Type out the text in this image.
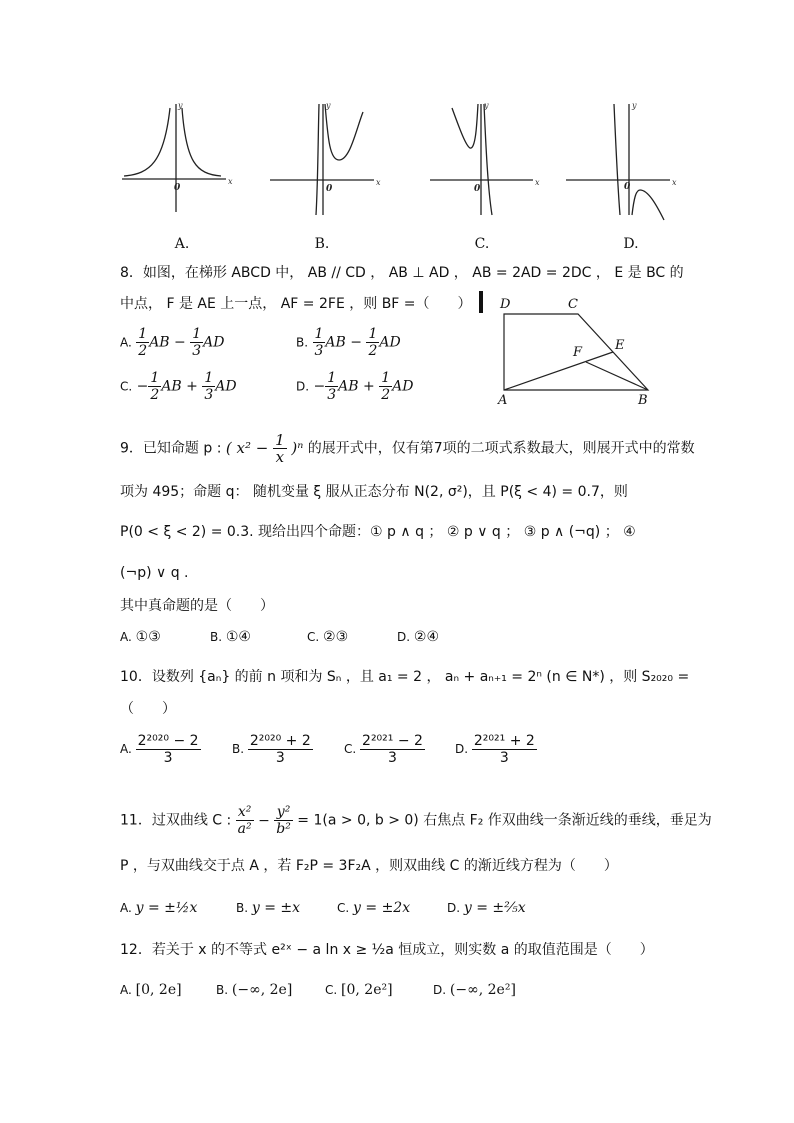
x
y
x
y
x
y
x
y
0	0	0	0
A.	B.	C.	D.
8．如图，在梯形 ABCD 中， AB // CD ， AB ⊥ AD ， AB = 2AD = 2DC ， E 是 BC 的
中点， F 是 AE 上一点， AF = 2FE ，则 BF =（　　）
A. $\frac{1}{2}$ AB − $\frac{1}{3}$ AD	B. $\frac{1}{3}$ AB − $\frac{1}{2}$ AD
C. − $\frac{1}{2}$ AB + $\frac{1}{3}$ AD	D. − $\frac{1}{3}$ AB + $\frac{1}{2}$ AD
D	C
E
F
A	B
9．已知命题 p : ( $x^2 - \frac{1}{x} )^n$ 的展开式中，仅有第7项的二项式系数最大，则展开式中的常数
项为 495；命题 q： 随机变量 ξ 服从正态分布 N(2, σ²)，且 P(ξ < 4) = 0.7，则
P(0 < ξ < 2) = 0.3. 现给出四个命题：① p ∧ q ； ② p ∨ q ； ③ p ∧ (¬q) ； ④
(¬p) ∨ q .
其中真命题的是（　　）
A. ①③	B. ①④	C. ②③	D. ②④
10．设数列 {aₙ} 的前 n 项和为 Sₙ ，且 a₁ = 2 ， aₙ + aₙ₊₁ = 2ⁿ (n ∈ N*) ，则 S₂₀₂₀ =
（　　）
A. $\frac{\text{2²⁰²⁰ − 2}}{3}$	B. $\frac{\text{2²⁰²⁰ + 2}}{3}$	C. $\frac{\text{2²⁰²¹ − 2}}{3}$	D. $\frac{\text{2²⁰²¹ + 2}}{3}$
11．过双曲线 C : $\frac{\text{x²}}{\text{a²}} - \frac{\text{y²}}{\text{b²}} = 1(a > 0$, b > 0) 右焦点 F₂ 作双曲线一条渐近线的垂线，垂足为
P ，与双曲线交于点 A ，若 F₂P = 3F₂A ，则双曲线 C 的渐近线方程为（　　）
A. y = ±½x	B. y = ±x	C. y = ±2x	D. y = ±⅖x
12．若关于 x 的不等式 e²ˣ − a ln x ≥ ½a 恒成立，则实数 a 的取值范围是（　　）
A. [0, 2e]	B. (−∞, 2e]	C. [0, 2e²]	D. (−∞, 2e²]
